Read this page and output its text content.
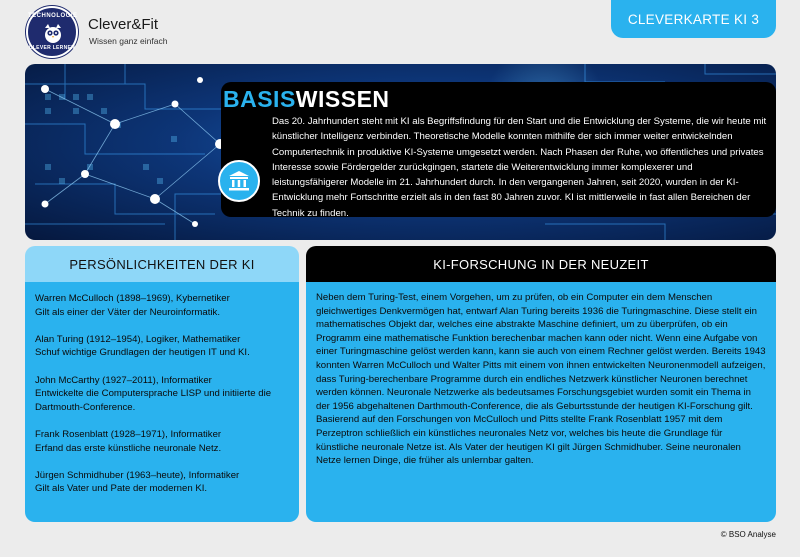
TECHNOLOGIE
CLEVER LERNEN
Clever&Fit
Wissen ganz einfach
CLEVERKARTE KI 3
BASISWISSEN
Das 20. Jahrhundert steht mit KI als Begriffsfindung für den Start und die Entwicklung der Systeme, die wir heute mit künstlicher Intelligenz verbinden. Theoretische Modelle konnten mithilfe der sich immer weiter entwickelnden Computertechnik in produktive KI-Systeme umgesetzt werden. Nach Phasen der Ruhe, wo öffentliches und privates Interesse sowie Fördergelder zurückgingen, startete die Weiterentwicklung immer komplexerer und leistungsfähigerer Modelle im 21. Jahrhundert durch. In den vergangenen Jahren, seit 2020, wurden in der KI-Entwicklung mehr Fortschritte erzielt als in den fast 80 Jahren zuvor. KI ist mittlerweile in fast allen Bereichen der Technik zu finden.
PERSÖNLICHKEITEN DER KI
Warren McCulloch (1898–1969), Kybernetiker
Gilt als einer der Väter der Neuroinformatik.
Alan Turing (1912–1954), Logiker, Mathematiker
Schuf wichtige Grundlagen der heutigen IT und KI.
John McCarthy (1927–2011), Informatiker
Entwickelte die Computersprache LISP und initiierte die Dartmouth-Conference.
Frank Rosenblatt (1928–1971), Informatiker
Erfand das erste künstliche neuronale Netz.
Jürgen Schmidhuber (1963–heute), Informatiker
Gilt als Vater und Pate der modernen KI.
KI-FORSCHUNG IN DER NEUZEIT
Neben dem Turing-Test, einem Vorgehen, um zu prüfen, ob ein Computer ein dem Menschen gleichwertiges Denkvermögen hat, entwarf Alan Turing bereits 1936 die Turingmaschine. Diese stellt ein mathematisches Objekt dar, welches eine abstrakte Maschine definiert, um zu überprüfen, ob ein Programm eine mathematische Funktion berechenbar machen kann oder nicht. Wenn eine Aufgabe von einer Turingmaschine gelöst werden kann, kann sie auch von einem Rechner gelöst werden. Bereits 1943 konnten Warren McCulloch und Walter Pitts mit einem von ihnen entwickelten Neuronenmodell aufzeigen, dass Turing-berechenbare Programme durch ein endliches Netzwerk künstlicher Neuronen berechnet werden können. Neuronale Netzwerke als bedeutsames Forschungsgebiet wurden somit ein Thema in der 1956 abgehaltenen Darthmouth-Conference, die als Geburtsstunde der heutigen KI-Forschung gilt. Basierend auf den Forschungen von McCulloch und Pitts stellte Frank Rosenblatt 1957 mit dem Perzeptron schließlich ein künstliches neuronales Netz vor, welches bis heute die Grundlage für künstliche neuronale Netze ist. Als Vater der heutigen KI gilt Jürgen Schmidhuber. Seine neuronalen Netze lernen Dinge, die früher als unlernbar galten.
© BSO Analyse
